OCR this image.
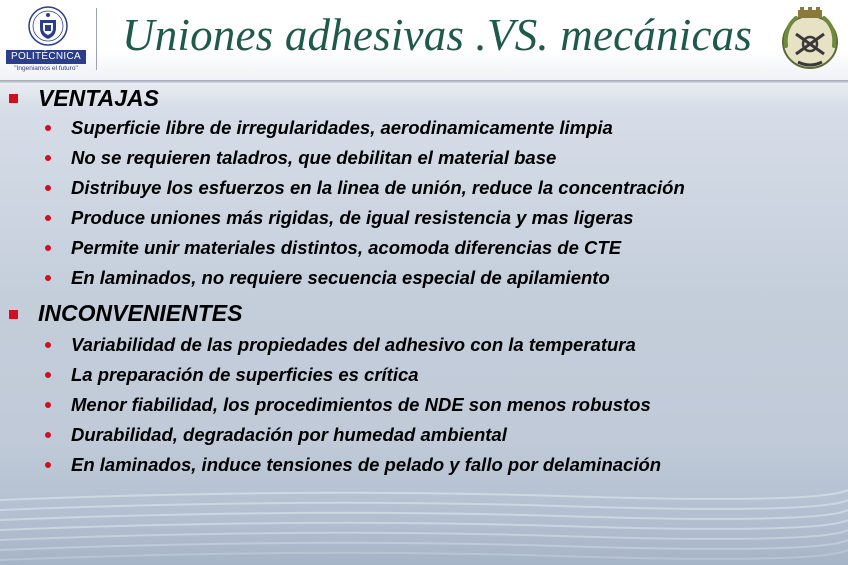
POLITÉCNICA
"Ingeniamos el futuro"
Uniones adhesivas .VS. mecánicas
VENTAJAS
Superficie libre de irregularidades, aerodinamicamente limpia
No se requieren taladros, que debilitan el material base
Distribuye los esfuerzos en la linea de unión, reduce la concentración
Produce uniones más rigidas, de igual resistencia y mas ligeras
Permite unir materiales distintos, acomoda diferencias de CTE
En laminados, no requiere secuencia especial de apilamiento
INCONVENIENTES
Variabilidad de las propiedades del adhesivo con la temperatura
La preparación de superficies es crítica
Menor fiabilidad, los procedimientos de NDE son menos robustos
Durabilidad, degradación por humedad ambiental
En laminados, induce tensiones de pelado y fallo por delaminación
